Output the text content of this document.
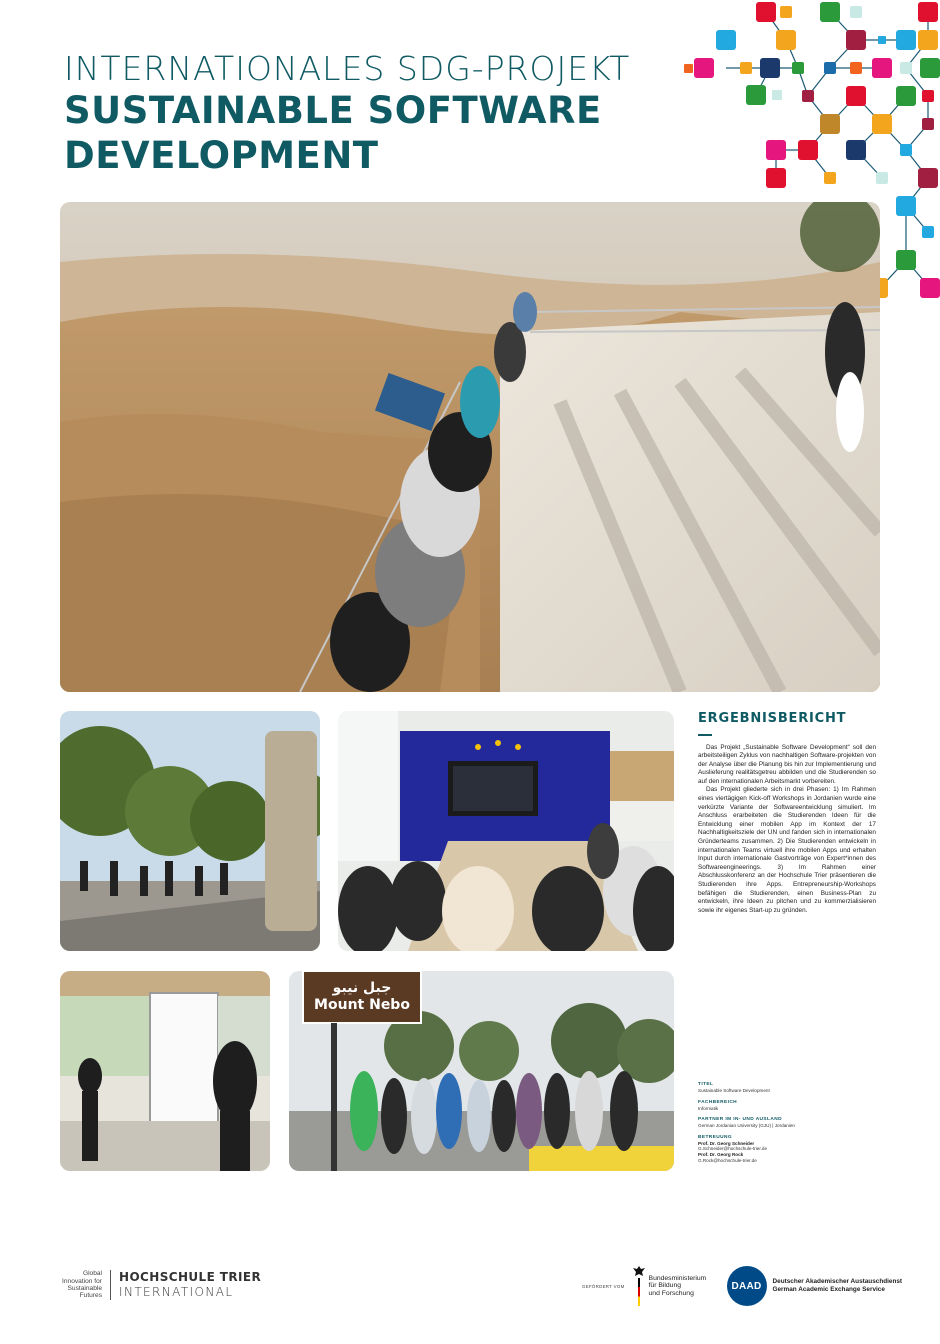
INTERNATIONALES SDG-PROJEKT
SUSTAINABLE SOFTWARE
DEVELOPMENT
جبل نيبو
Mount Nebo
ERGEBNISBERICHT

Das Projekt „Sustainable Software Development“ soll den arbeitsteiligen Zyklus von nachhaltigen Software-projekten von der Analyse über die Planung bis hin zur Implementierung und Auslieferung realitätsgetreu abbilden und die Studierenden so auf den internationalen Arbeitsmarkt vorbereiten.

Das Projekt gliederte sich in drei Phasen: 1) Im Rahmen eines viertägigen Kick-off Workshops in Jordanien wurde eine verkürzte Variante der Softwareentwicklung simuliert. Im Anschluss erarbeiteten die Studierenden Ideen für die Entwicklung einer mobilen App im Kontext der 17 Nachhaltigkeitsziele der UN und fanden sich in internationalen Gründerteams zusammen. 2) Die Studierenden entwickeln in internationalen Teams virtuell ihre mobilen Apps und erhalten Input durch internationale Gastvorträge von Expert*innen des Softwareengineerings. 3) Im Rahmen einer Abschlusskonferenz an der Hochschule Trier präsentieren die Studierenden ihre Apps. Entrepreneurship-Workshops befähigen die Studierenden, einen Business-Plan zu entwickeln, ihre Ideen zu pitchen und zu kommerzialisieren sowie ihr eigenes Start-up zu gründen.

TITEL
Sustainable Software Development
FACHBEREICH
Informatik
PARTNER IM IN- UND AUSLAND
German Jordanian University (GJU) | Jordanien
BETREUUNG
Prof. Dr. Georg Schneider
G.Schneider@hochschule-trier.de
Prof. Dr. Georg Rock
G.Rock@hochschule-trier.de
Global
Innovation for
Sustainable
Futures
HOCHSCHULE TRIER
INTERNATIONAL	GEFÖRDERT VOM
Bundesministerium
für Bildung
und Forschung
DAAD	Deutscher Akademischer Austauschdienst
German Academic Exchange Service
